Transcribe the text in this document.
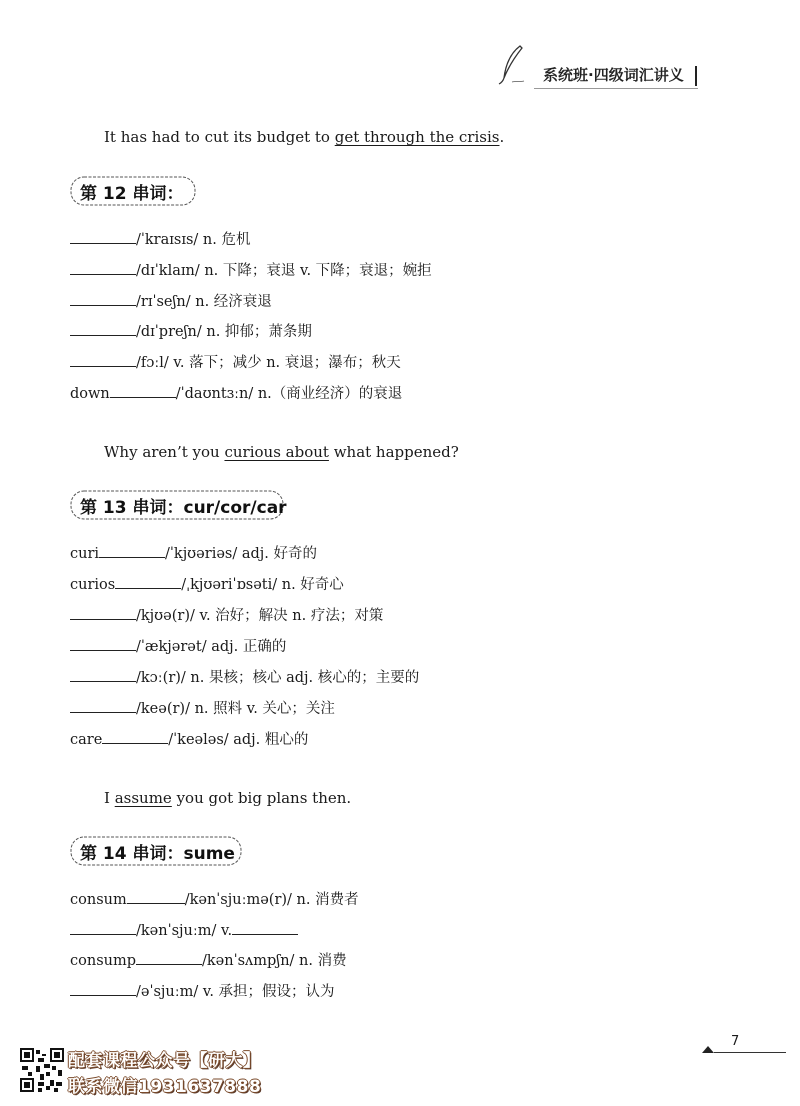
系统班·四级词汇讲义
It has had to cut its budget to get through the crisis.
第 12 串词：
/ˈkraɪsɪs/ n. 危机
/dɪˈklaɪn/ n. 下降；衰退 v. 下降；衰退；婉拒
/rɪˈseʃn/ n. 经济衰退
/dɪˈpreʃn/ n. 抑郁；萧条期
/fɔːl/ v. 落下；减少 n. 衰退；瀑布；秋天
down	/ˈdaʊntɜːn/ n.（商业经济）的衰退
Why aren’t you curious about what happened?
第 13 串词：cur/cor/car
curi	/ˈkjʊəriəs/ adj. 好奇的
curios	/ˌkjʊəriˈɒsəti/ n. 好奇心
/kjʊə(r)/ v. 治好；解决 n. 疗法；对策
/ˈækjərət/ adj. 正确的
/kɔː(r)/ n. 果核；核心 adj. 核心的；主要的
/keə(r)/ n. 照料 v. 关心；关注
care	/ˈkeələs/ adj. 粗心的
I assume you got big plans then.
第 14 串词：sume
consum	/kənˈsjuːmə(r)/ n. 消费者
/kənˈsjuːm/ v.
consump	/kənˈsʌmpʃn/ n. 消费
/əˈsjuːm/ v. 承担；假设；认为
7
配套课程公众号【研大】
联系微信1931637888
